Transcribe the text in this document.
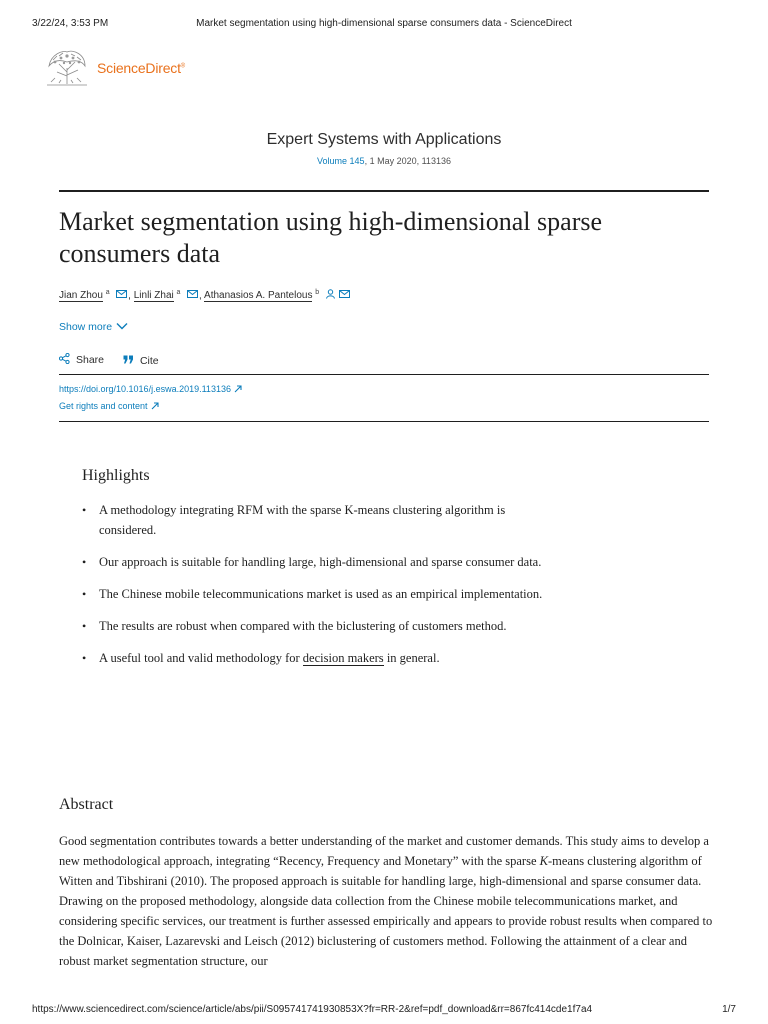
3/22/24, 3:53 PM	Market segmentation using high-dimensional sparse consumers data - ScienceDirect
ScienceDirect®
Expert Systems with Applications
Volume 145, 1 May 2020, 113136
Market segmentation using high-dimensional sparse consumers data
Jian Zhou $^a$ , Linli Zhai $^a$ , Athanasios A. Pantelous $^b$
Show more
Share
	Cite
https://doi.org/10.1016/j.eswa.2019.113136
Get rights and content
Highlights
• A methodology integrating RFM with the sparse K-means clustering algorithm is considered.
• Our approach is suitable for handling large, high-dimensional and sparse consumer data.
• The Chinese mobile telecommunications market is used as an empirical implementation.
• The results are robust when compared with the biclustering of customers method.
• A useful tool and valid methodology for decision makers in general.
Abstract

Good segmentation contributes towards a better understanding of the market and customer demands. This study aims to develop a new methodological approach, integrating “Recency, Frequency and Monetary” with the sparse K-means clustering algorithm of Witten and Tibshirani (2010). The proposed approach is suitable for handling large, high-dimensional and sparse consumer data. Drawing on the proposed methodology, alongside data collection from the Chinese mobile telecommunications market, and considering specific services, our treatment is further assessed empirically and appears to provide robust results when compared to the Dolnicar, Kaiser, Lazarevski and Leisch (2012) biclustering of customers method. Following the attainment of a clear and robust market segmentation structure, our

https://www.sciencedirect.com/science/article/abs/pii/S095741741930853X?fr=RR-2&ref=pdf_download&rr=867fc414cde1f7a4	1/7
